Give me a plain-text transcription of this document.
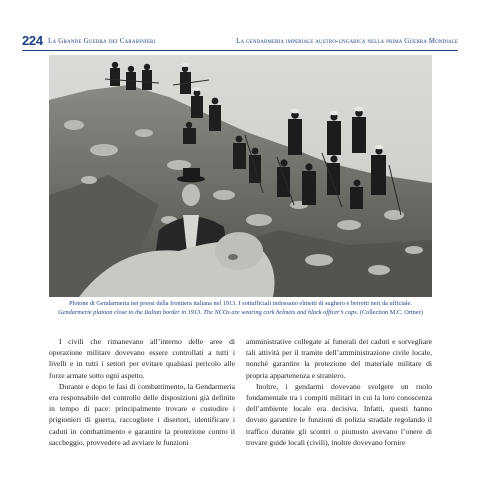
224 La Grande Guerra dei Carabinieri	La gendarmeria imperiale austro-ungarica nella prima Guerra Mondiale
Plotone di Gendarmeria nei pressi della frontiera italiana nel 1913. I sottufficiali indossano elmetti di sughero e berretti neri da ufficiale.
Gendarmerie platoon close to the Italian border in 1913. The NCOs are wearing cork helmets and black officer’s caps. (Collection M.C. Ortner)

I civili che rimanevano all’interno delle aree di operazione militare dovevano essere controllati a tutti i livelli e in tutti i settori per evitare qualsiasi pericolo alle forze armate sotto ogni aspetto.

Durante e dopo le fasi di combattimento, la Gendarmeria era responsabile del controllo delle disposizioni già definite in tempo di pace: principalmente trovare e custodire i prigionieri di guerra, raccogliere i disertori, identificare i caduti in combattimento e garantire la protezione contro il saccheggio, provvedere ad avviare le funzioni

amministrative collegate ai funerali dei caduti e sorvegliare tali attività per il tramite dell’amministrazione civile locale, nonché garantire la protezione del materiale militare di propria appartenenza e straniero.

Inoltre, i gendarmi dovevano svolgere un ruolo fondamentale tra i compiti militari in cui la loro conoscenza dell’ambiente locale era decisiva. Infatti, questi hanno dovuto garantire le funzioni di polizia stradale regolando il traffico durante gli scontri o piuttosto avevano l’onere di trovare guide locali (civili), inoltre dovevano fornire
